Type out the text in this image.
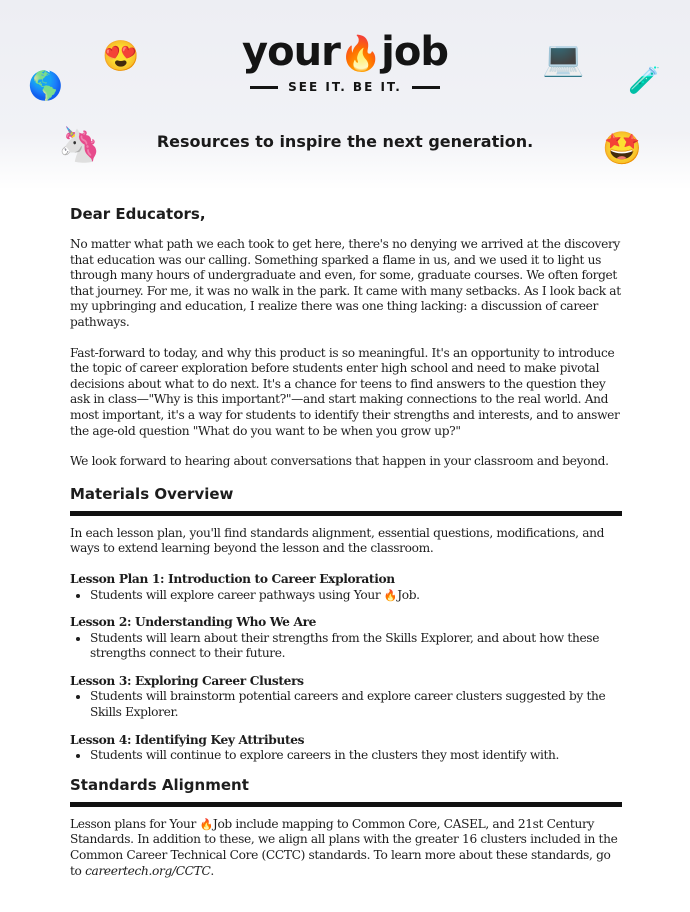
😍
🌎
🦄
💻
🧪
🤩
your🔥job
SEE IT. BE IT.
Resources to inspire the next generation.
Dear Educators,

No matter what path we each took to get here, there's no denying we arrived at the discovery that education was our calling. Something sparked a flame in us, and we used it to light us through many hours of undergraduate and even, for some, graduate courses. We often forget that journey. For me, it was no walk in the park. It came with many setbacks. As I look back at my upbringing and education, I realize there was one thing lacking: a discussion of career pathways.

Fast-forward to today, and why this product is so meaningful. It's an opportunity to introduce the topic of career exploration before students enter high school and need to make pivotal decisions about what to do next. It's a chance for teens to find answers to the question they ask in class—"Why is this important?"—and start making connections to the real world. And most important, it's a way for students to identify their strengths and interests, and to answer the age-old question "What do you want to be when you grow up?"

We look forward to hearing about conversations that happen in your classroom and beyond.

Materials Overview

In each lesson plan, you'll find standards alignment, essential questions, modifications, and ways to extend learning beyond the lesson and the classroom.

Lesson Plan 1: Introduction to Career Exploration
• Students will explore career pathways using Your 🔥Job.
Lesson 2: Understanding Who We Are
• Students will learn about their strengths from the Skills Explorer, and about how these strengths connect to their future.
Lesson 3: Exploring Career Clusters
• Students will brainstorm potential careers and explore career clusters suggested by the Skills Explorer.
Lesson 4: Identifying Key Attributes
• Students will continue to explore careers in the clusters they most identify with.
Standards Alignment

Lesson plans for Your 🔥Job include mapping to Common Core, CASEL, and 21st Century Standards. In addition to these, we align all plans with the greater 16 clusters included in the Common Career Technical Core (CCTC) standards. To learn more about these standards, go to careertech.org/CCTC.
